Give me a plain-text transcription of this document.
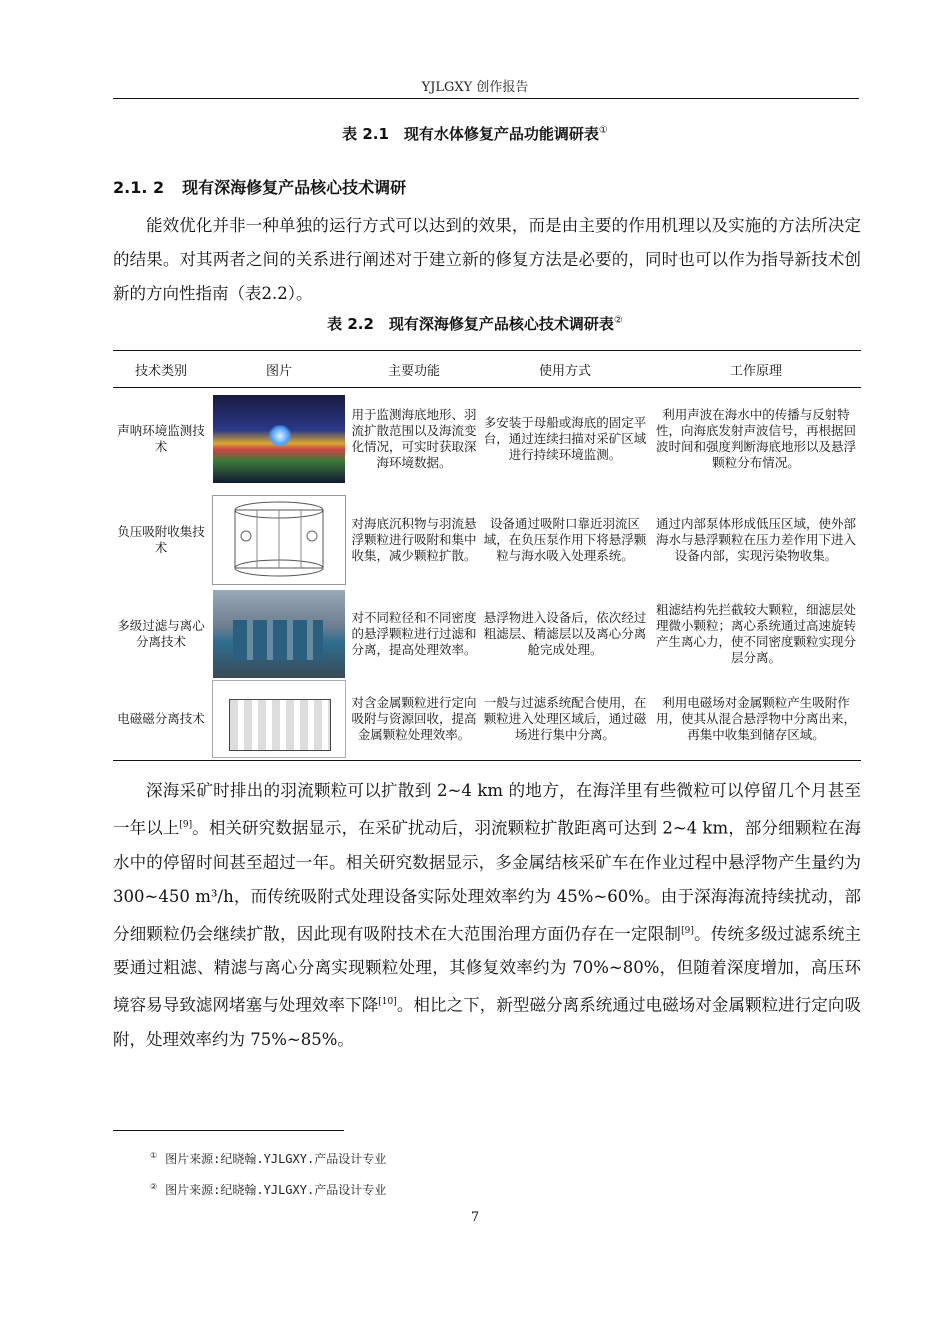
YJLGXY 创作报告
表 2.1　现有水体修复产品功能调研表①
2.1. 2 现有深海修复产品核心技术调研

能效优化并非一种单独的运行方式可以达到的效果，而是由主要的作用机理以及实施的方法所决定的结果。对其两者之间的关系进行阐述对于建立新的修复方法是必要的，同时也可以作为指导新技术创新的方向性指南（表2.2）。

表 2.2　现有深海修复产品核心技术调研表②
技术类别	图片	主要功能	使用方式	工作原理
声呐环境监测技术		用于监测海底地形、羽流扩散范围以及海流变化情况，可实时获取深海环境数据。	多安装于母船或海底的固定平台，通过连续扫描对采矿区域进行持续环境监测。	利用声波在海水中的传播与反射特性，向海底发射声波信号，再根据回波时间和强度判断海底地形以及悬浮颗粒分布情况。
负压吸附收集技术		对海底沉积物与羽流悬浮颗粒进行吸附和集中收集，减少颗粒扩散。	设备通过吸附口靠近羽流区域，在负压泵作用下将悬浮颗粒与海水吸入处理系统。	通过内部泵体形成低压区域，使外部海水与悬浮颗粒在压力差作用下进入设备内部，实现污染物收集。
多级过滤与离心分离技术		对不同粒径和不同密度的悬浮颗粒进行过滤和分离，提高处理效率。	悬浮物进入设备后，依次经过粗滤层、精滤层以及离心分离舱完成处理。	粗滤结构先拦截较大颗粒，细滤层处理微小颗粒；离心系统通过高速旋转产生离心力，使不同密度颗粒实现分层分离。
电磁磁分离技术		对含金属颗粒进行定向吸附与资源回收，提高金属颗粒处理效率。	一般与过滤系统配合使用，在颗粒进入处理区域后，通过磁场进行集中分离。	利用电磁场对金属颗粒产生吸附作用，使其从混合悬浮物中分离出来，再集中收集到储存区域。

深海采矿时排出的羽流颗粒可以扩散到 2~4 km 的地方，在海洋里有些微粒可以停留几个月甚至一年以上[9]。相关研究数据显示，在采矿扰动后，羽流颗粒扩散距离可达到 2~4 km，部分细颗粒在海水中的停留时间甚至超过一年。相关研究数据显示，多金属结核采矿车在作业过程中悬浮物产生量约为 300~450 m³/h，而传统吸附式处理设备实际处理效率约为 45%~60%。由于深海海流持续扰动，部分细颗粒仍会继续扩散，因此现有吸附技术在大范围治理方面仍存在一定限制[9]。传统多级过滤系统主要通过粗滤、精滤与离心分离实现颗粒处理，其修复效率约为 70%~80%，但随着深度增加，高压环境容易导致滤网堵塞与处理效率下降[10]。相比之下，新型磁分离系统通过电磁场对金属颗粒进行定向吸附，处理效率约为 75%~85%。

① 图片来源:纪晓翰.YJLGXY.产品设计专业
② 图片来源:纪晓翰.YJLGXY.产品设计专业
7
